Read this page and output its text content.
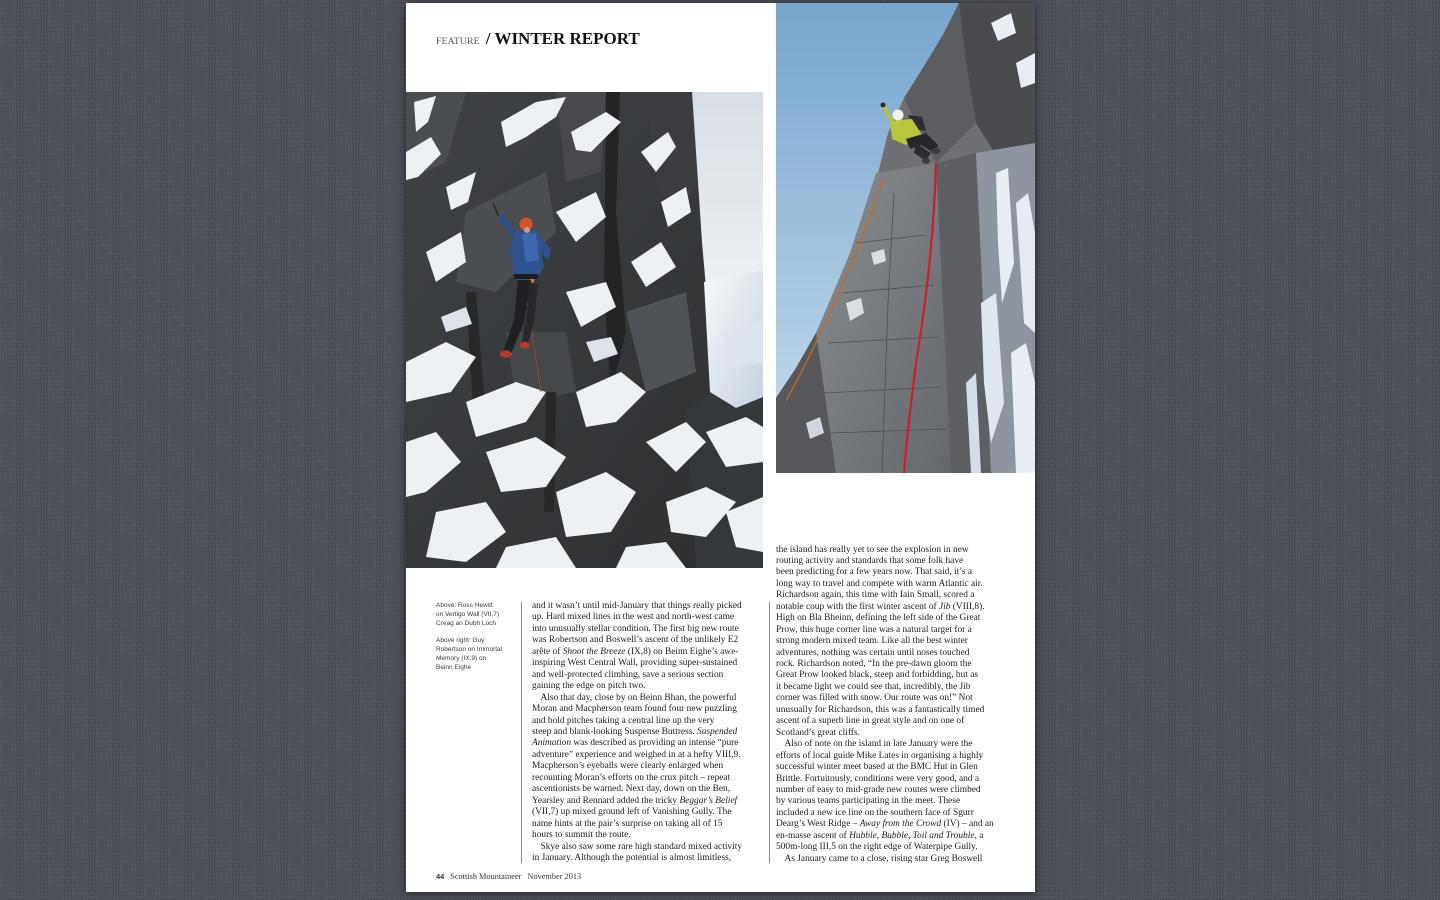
FEATURE / WINTER REPORT
Above: Ross Hewitt
on Vertigo Wall (VII,7)
Creag an Dubh Loch
Above right: Guy
Robertson on Immortal
Memory (IX,9) on
Beinn Eighe
and it wasn’t until mid-January that things really picked
up. Hard mixed lines in the west and north-west came
into unusually stellar condition. The first big new route
was Robertson and Boswell’s ascent of the unlikely E2
arête of Shoot the Breeze (IX,8) on Beinn Eighe’s awe-
inspiring West Central Wall, providing super-sustained
and well-protected climbing, save a serious section
gaining the edge on pitch two.
Also that day, close by on Beinn Bhan, the powerful
Moran and Macpherson team found four new puzzling
and bold pitches taking a central line up the very
steep and blank-looking Suspense Buttress. Suspended
Animation was described as providing an intense “pure
adventure” experience and weighed in at a hefty VIII,9.
Macpherson’s eyeballs were clearly enlarged when
recounting Moran’s efforts on the crux pitch – repeat
ascentionists be warned. Next day, down on the Ben,
Yearsley and Rennard added the tricky Beggar’s Belief
(VII,7) up mixed ground left of Vanishing Gully. The
name hints at the pair’s surprise on taking all of 15
hours to summit the route.
Skye also saw some rare high standard mixed activity
in January. Although the potential is almost limitless,
the island has really yet to see the explosion in new
routing activity and standards that some folk have
been predicting for a few years now. That said, it’s a
long way to travel and compete with warm Atlantic air.
Richardson again, this time with Iain Small, scored a
notable coup with the first winter ascent of Jib (VIII,8).
High on Bla Bheinn, defining the left side of the Great
Prow, this huge corner line was a natural target for a
strong modern mixed team. Like all the best winter
adventures, nothing was certain until noses touched
rock. Richardson noted, “In the pre-dawn gloom the
Great Prow looked black, steep and forbidding, but as
it became light we could see that, incredibly, the Jib
corner was filled with snow. Our route was on!” Not
unusually for Richardson, this was a fantastically timed
ascent of a superb line in great style and on one of
Scotland’s great cliffs.
Also of note on the island in late January were the
efforts of local guide Mike Lates in organising a highly
successful winter meet based at the BMC Hut in Glen
Brittle. Fortuitously, conditions were very good, and a
number of easy to mid-grade new routes were climbed
by various teams participating in the meet. These
included a new ice line on the southern face of Sgurr
Dearg’s West Ridge – Away from the Crowd (IV) – and an
en-masse ascent of Hubble, Bubble, Toil and Trouble, a
500m-long III,5 on the right edge of Waterpipe Gully.
As January came to a close, rising star Greg Boswell
44 Scottish Mountaineer November 2013
